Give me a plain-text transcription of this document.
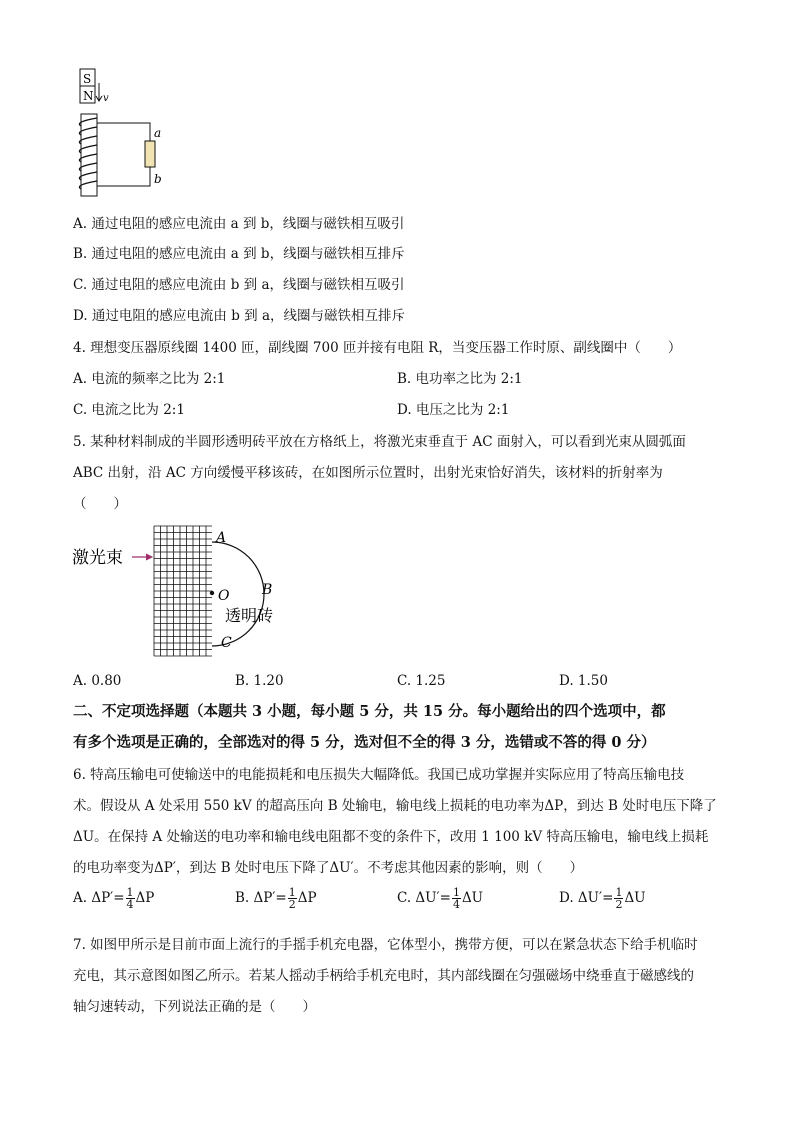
S
N v
a
b
A. 通过电阻的感应电流由 a 到 b，线圈与磁铁相互吸引
B. 通过电阻的感应电流由 a 到 b，线圈与磁铁相互排斥
C. 通过电阻的感应电流由 b 到 a，线圈与磁铁相互吸引
D. 通过电阻的感应电流由 b 到 a，线圈与磁铁相互排斥
4. 理想变压器原线圈 1400 匝，副线圈 700 匝并接有电阻 R，当变压器工作时原、副线圈中（　　）
A. 电流的频率之比为 2:1	B. 电功率之比为 2:1
C. 电流之比为 2:1	D. 电压之比为 2:1
5. 某种材料制成的半圆形透明砖平放在方格纸上，将激光束垂直于 AC 面射入，可以看到光束从圆弧面
ABC 出射，沿 AC 方向缓慢平移该砖，在如图所示位置时，出射光束恰好消失，该材料的折射率为
（　　）
激光束
透明砖
A
B
C
O
A. 0.80	B. 1.20	C. 1.25	D. 1.50
二、不定项选择题（本题共 3 小题，每小题 5 分，共 15 分。每小题给出的四个选项中，都
有多个选项是正确的，全部选对的得 5 分，选对但不全的得 3 分，选错或不答的得 0 分）
6. 特高压输电可使输送中的电能损耗和电压损失大幅降低。我国已成功掌握并实际应用了特高压输电技
术。假设从 A 处采用 550 kV 的超高压向 B 处输电，输电线上损耗的电功率为ΔP，到达 B 处时电压下降了
ΔU。在保持 A 处输送的电功率和输电线电阻都不变的条件下，改用 1 100 kV 特高压输电，输电线上损耗
的电功率变为ΔP′，到达 B 处时电压下降了ΔU′。不考虑其他因素的影响，则（　　）
A. $\Delta P'= \frac{1}{4}$ ΔP	B. $\Delta P'= \frac{1}{2}$ ΔP	C. $\Delta U'= \frac{1}{4}$ ΔU	D. $\Delta U'= \frac{1}{2}$ ΔU
7. 如图甲所示是目前市面上流行的手摇手机充电器，它体型小，携带方便，可以在紧急状态下给手机临时
充电，其示意图如图乙所示。若某人摇动手柄给手机充电时，其内部线圈在匀强磁场中绕垂直于磁感线的
轴匀速转动，下列说法正确的是（　　）
